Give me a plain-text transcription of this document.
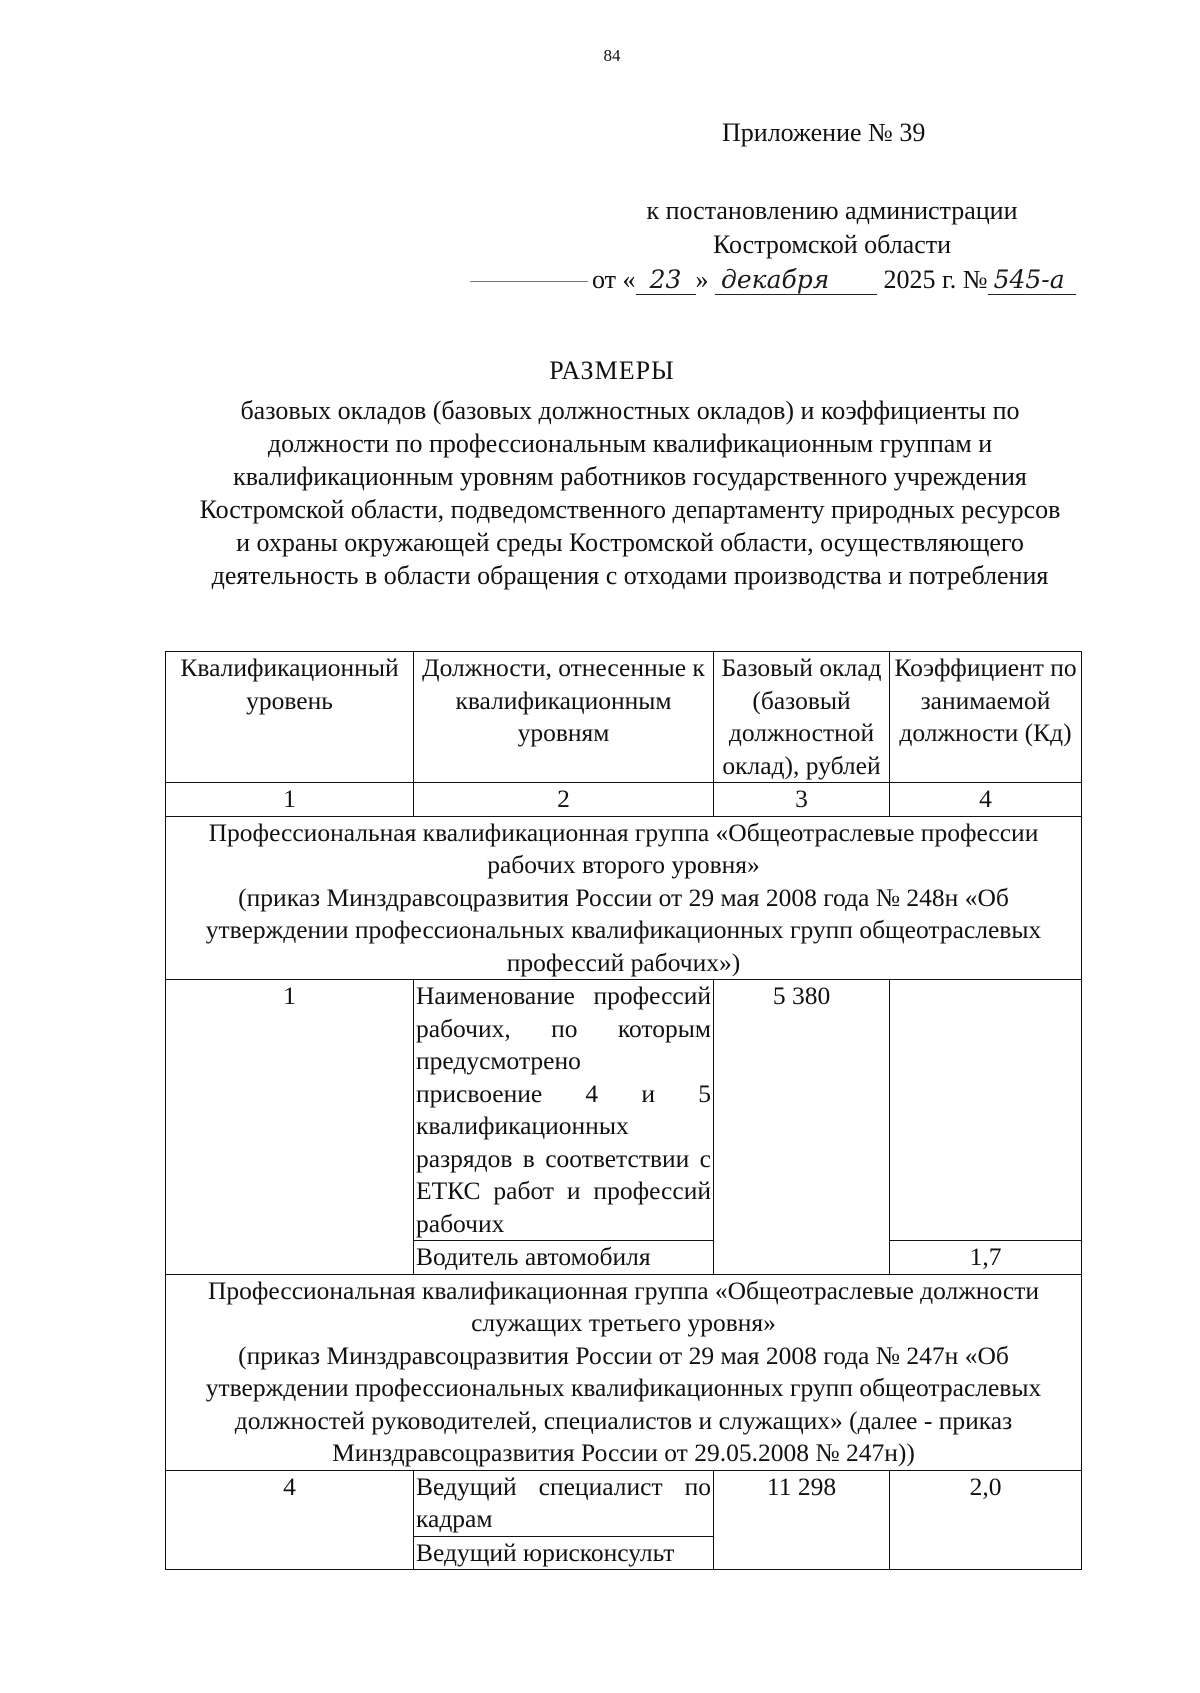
84
Приложение № 39
к постановлению администрации
Костромской области
от « 23 » декабря 2025 г. № 545-а
РАЗМЕРЫ
базовых окладов (базовых должностных окладов) и коэффициенты по должности по профессиональным квалификационным группам и квалификационным уровням работников государственного учреждения Костромской области, подведомственного департаменту природных ресурсов и охраны окружающей среды Костромской области, осуществляющего деятельность в области обращения с отходами производства и потребления
Квалификационный уровень	Должности, отнесенные к квалификационным уровням	Базовый оклад (базовый должностной оклад), рублей	Коэффициент по занимаемой должности (Кд)
1	2	3	4

Профессиональная квалификационная группа «Общеотраслевые профессии рабочих второго уровня»
(приказ Минздравсоцразвития России от 29 мая 2008 года № 248н «Об утверждении профессиональных квалификационных групп общеотраслевых профессий рабочих»)			

1	Наименование профессий рабочих, по которым предусмотрено присвоение 4 и 5 квалификационных разрядов в соответствии с ЕТКС работ и профессий рабочих	5 380	
	Водитель автомобиля		1,7

Профессиональная квалификационная группа «Общеотраслевые должности служащих третьего уровня»
(приказ Минздравсоцразвития России от 29 мая 2008 года № 247н «Об утверждении профессиональных квалификационных групп общеотраслевых должностей руководителей, специалистов и служащих» (далее - приказ Минздравсоцразвития России от 29.05.2008 № 247н))			

4	Ведущий специалист по кадрам	11 298	2,0
	Ведущий юрисконсульт		
